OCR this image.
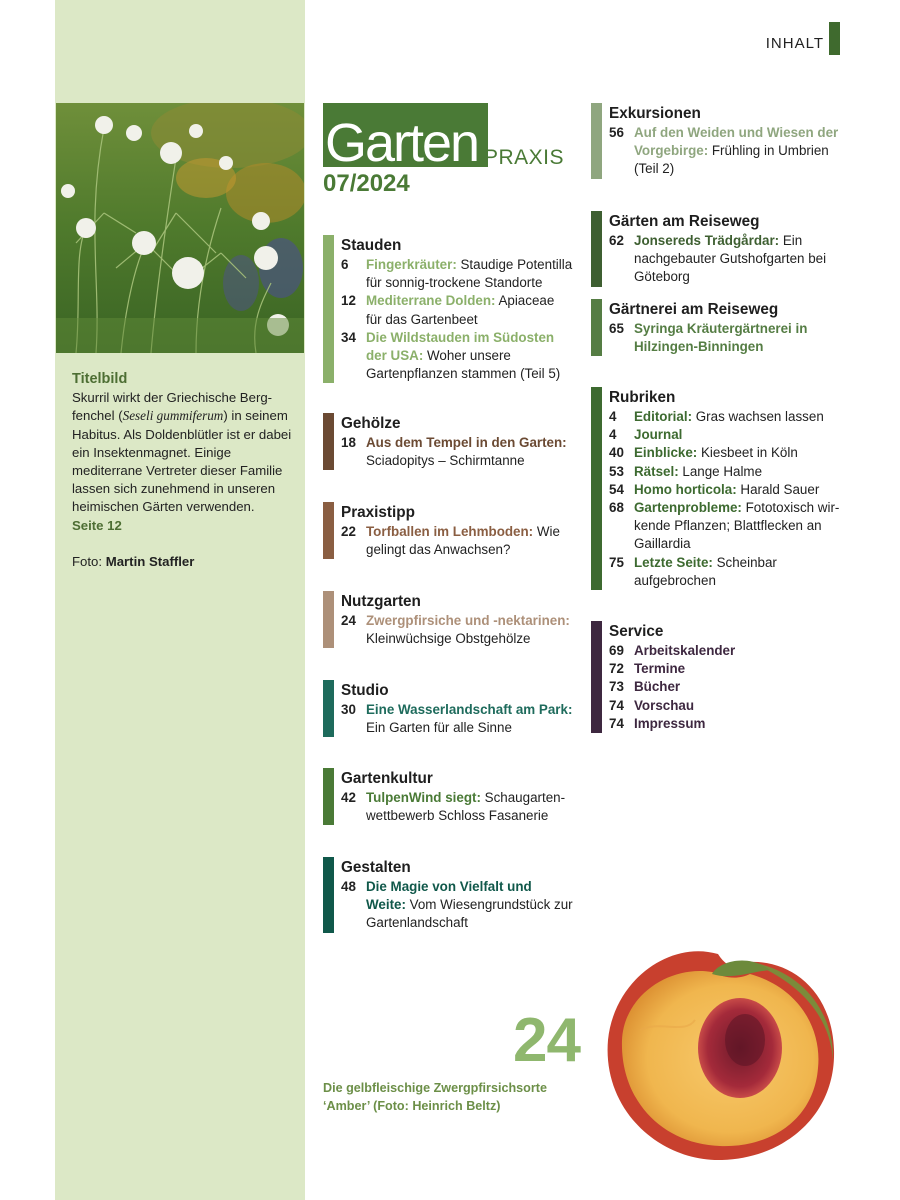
Titelbild

Skurril wirkt der Griechische Bergfenchel (Seseli gummiferum) in seinem Habitus. Als Doldenblütler ist er dabei ein Insektenmagnet. Einige mediterrane Vertreter dieser Familie lassen sich zunehmend in unseren heimischen Gärten verwenden.

Seite 12
Foto: Martin Staffler
INHALT
Garten PRAXIS
07/2024
Stauden
6 Fingerkräuter: Staudige Potentilla für sonnig-trockene Standorte
12 Mediterrane Dolden: Apiaceae für das Gartenbeet
34 Die Wildstauden im Südosten der USA: Woher unsere Gartenpflanzen stammen (Teil 5)
Gehölze
18 Aus dem Tempel in den Garten: Sciadopitys – Schirmtanne
Praxistipp
22 Torfballen im Lehmboden: Wie gelingt das Anwachsen?
Nutzgarten
24 Zwergpfirsiche und -nektarinen: Kleinwüchsige Obstgehölze
Studio
30 Eine Wasserlandschaft am Park: Ein Garten für alle Sinne
Gartenkultur
42 TulpenWind siegt: Schaugartenwettbewerb Schloss Fasanerie
Gestalten
48 Die Magie von Vielfalt und Weite: Vom Wiesengrundstück zur Gartenlandschaft
Exkursionen
56 Auf den Weiden und Wiesen der Vorgebirge: Frühling in Umbrien (Teil 2)
Gärten am Reiseweg
62 Jonsereds Trädgårdar: Ein nachgebauter Gutshofgarten bei Göteborg
Gärtnerei am Reiseweg
65 Syringa Kräutergärtnerei in Hilzingen-Binningen
Rubriken
4 Editorial: Gras wachsen lassen
4 Journal
40 Einblicke: Kiesbeet in Köln
53 Rätsel: Lange Halme
54 Homo horticola: Harald Sauer
68 Gartenprobleme: Fototoxisch wirkende Pflanzen; Blattflecken an Gaillardia
75 Letzte Seite: Scheinbar aufgebrochen
Service
69 Arbeitskalender
72 Termine
73 Bücher
74 Vorschau
74 Impressum
24
Die gelbfleischige Zwergpfirsichsorte ‘Amber’ (Foto: Heinrich Beltz)
